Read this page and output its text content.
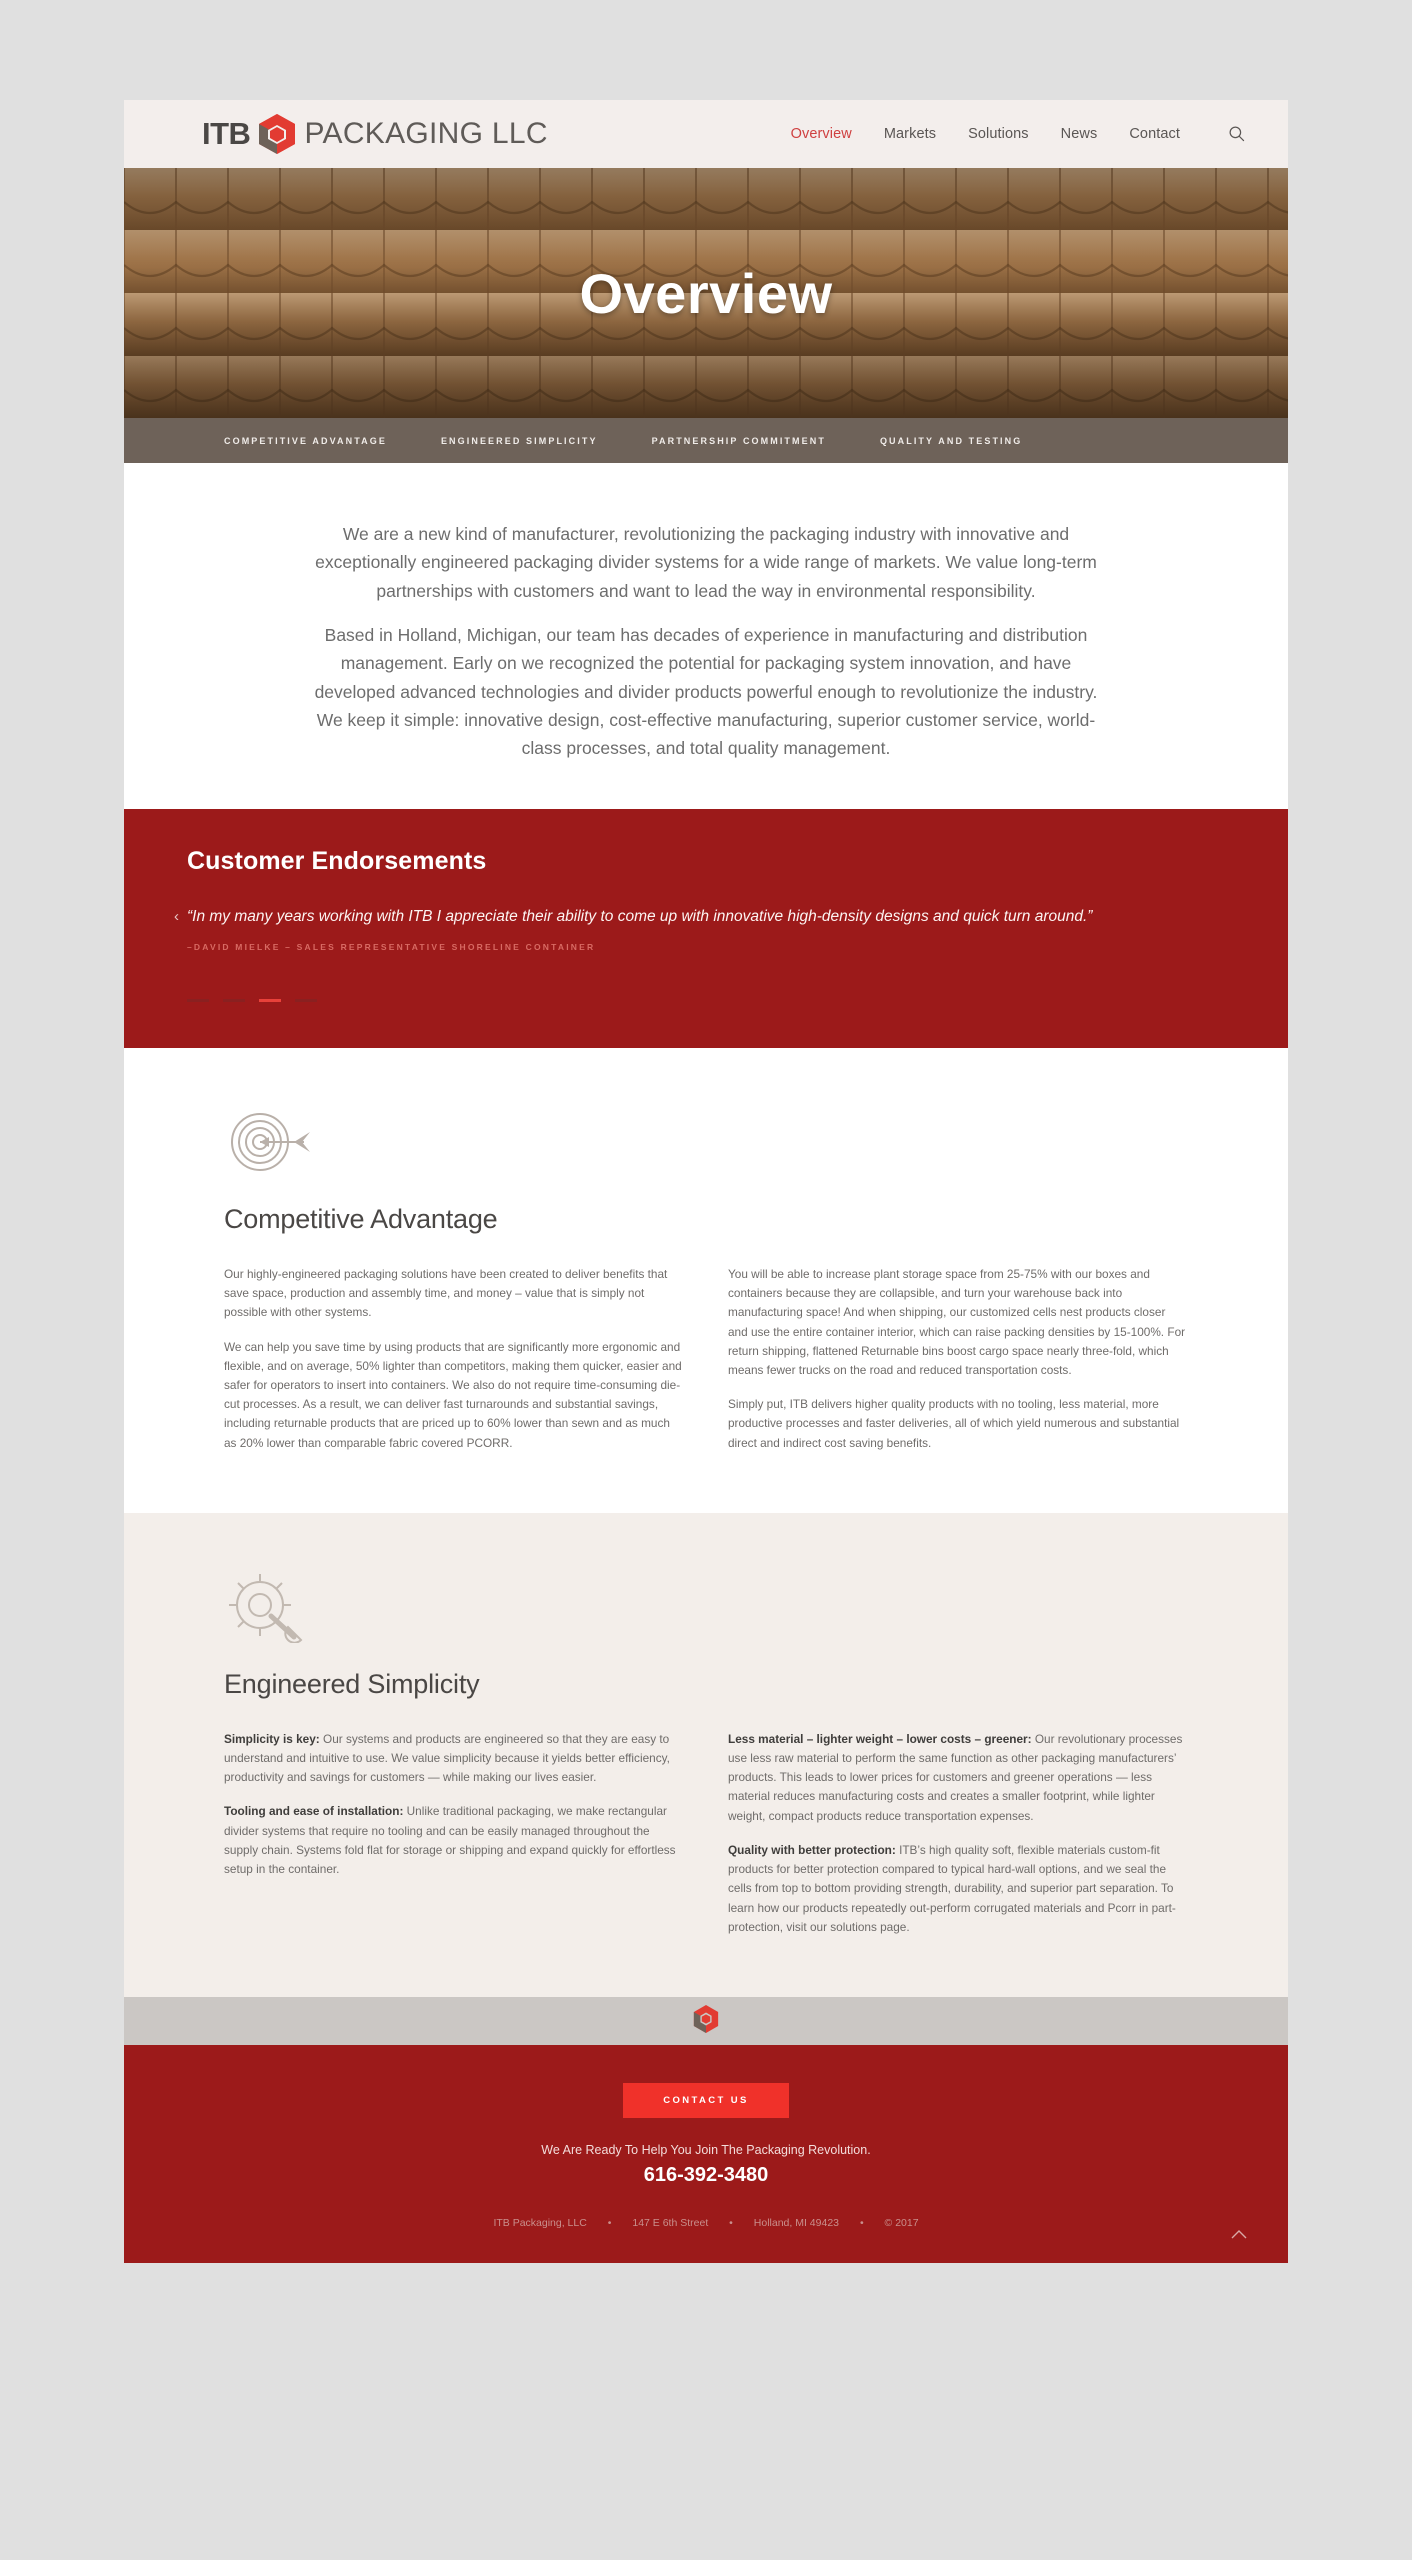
ITB PACKAGING LLC	Overview Markets Solutions News Contact
Overview
COMPETITIVE ADVANTAGE	ENGINEERED SIMPLICITY	PARTNERSHIP COMMITMENT	QUALITY AND TESTING

We are a new kind of manufacturer, revolutionizing the packaging industry with innovative and exceptionally engineered packaging divider systems for a wide range of markets. We value long-term partnerships with customers and want to lead the way in environmental responsibility.

Based in Holland, Michigan, our team has decades of experience in manufacturing and distribution management. Early on we recognized the potential for packaging system innovation, and have developed advanced technologies and divider products powerful enough to revolutionize the industry. We keep it simple: innovative design, cost-effective manufacturing, superior customer service, world-class processes, and total quality management.

Customer Endorsements
‹ “In my many years working with ITB I appreciate their ability to come up with innovative high-density designs and quick turn around.”
–DAVID MIELKE – SALES REPRESENTATIVE SHORELINE CONTAINER
Competitive Advantage

Our highly-engineered packaging solutions have been created to deliver benefits that save space, production and assembly time, and money – value that is simply not possible with other systems.

We can help you save time by using products that are significantly more ergonomic and flexible, and on average, 50% lighter than competitors, making them quicker, easier and safer for operators to insert into containers. We also do not require time-consuming die-cut processes. As a result, we can deliver fast turnarounds and substantial savings, including returnable products that are priced up to 60% lower than sewn and as much as 20% lower than comparable fabric covered PCORR.

You will be able to increase plant storage space from 25-75% with our boxes and containers because they are collapsible, and turn your warehouse back into manufacturing space! And when shipping, our customized cells nest products closer and use the entire container interior, which can raise packing densities by 15-100%. For return shipping, flattened Returnable bins boost cargo space nearly three-fold, which means fewer trucks on the road and reduced transportation costs.

Simply put, ITB delivers higher quality products with no tooling, less material, more productive processes and faster deliveries, all of which yield numerous and substantial direct and indirect cost saving benefits.

Engineered Simplicity

Simplicity is key: Our systems and products are engineered so that they are easy to understand and intuitive to use. We value simplicity because it yields better efficiency, productivity and savings for customers — while making our lives easier.

Tooling and ease of installation: Unlike traditional packaging, we make rectangular divider systems that require no tooling and can be easily managed throughout the supply chain. Systems fold flat for storage or shipping and expand quickly for effortless setup in the container.

Less material – lighter weight – lower costs – greener: Our revolutionary processes use less raw material to perform the same function as other packaging manufacturers’ products. This leads to lower prices for customers and greener operations — less material reduces manufacturing costs and creates a smaller footprint, while lighter weight, compact products reduce transportation expenses.

Quality with better protection: ITB’s high quality soft, flexible materials custom-fit products for better protection compared to typical hard-wall options, and we seal the cells from top to bottom providing strength, durability, and superior part separation. To learn how our products repeatedly out-perform corrugated materials and Pcorr in part-protection, visit our solutions page.

CONTACT US
We Are Ready To Help You Join The Packaging Revolution.
616-392-3480
ITB Packaging, LLC • 147 E 6th Street • Holland, MI 49423 • © 2017
